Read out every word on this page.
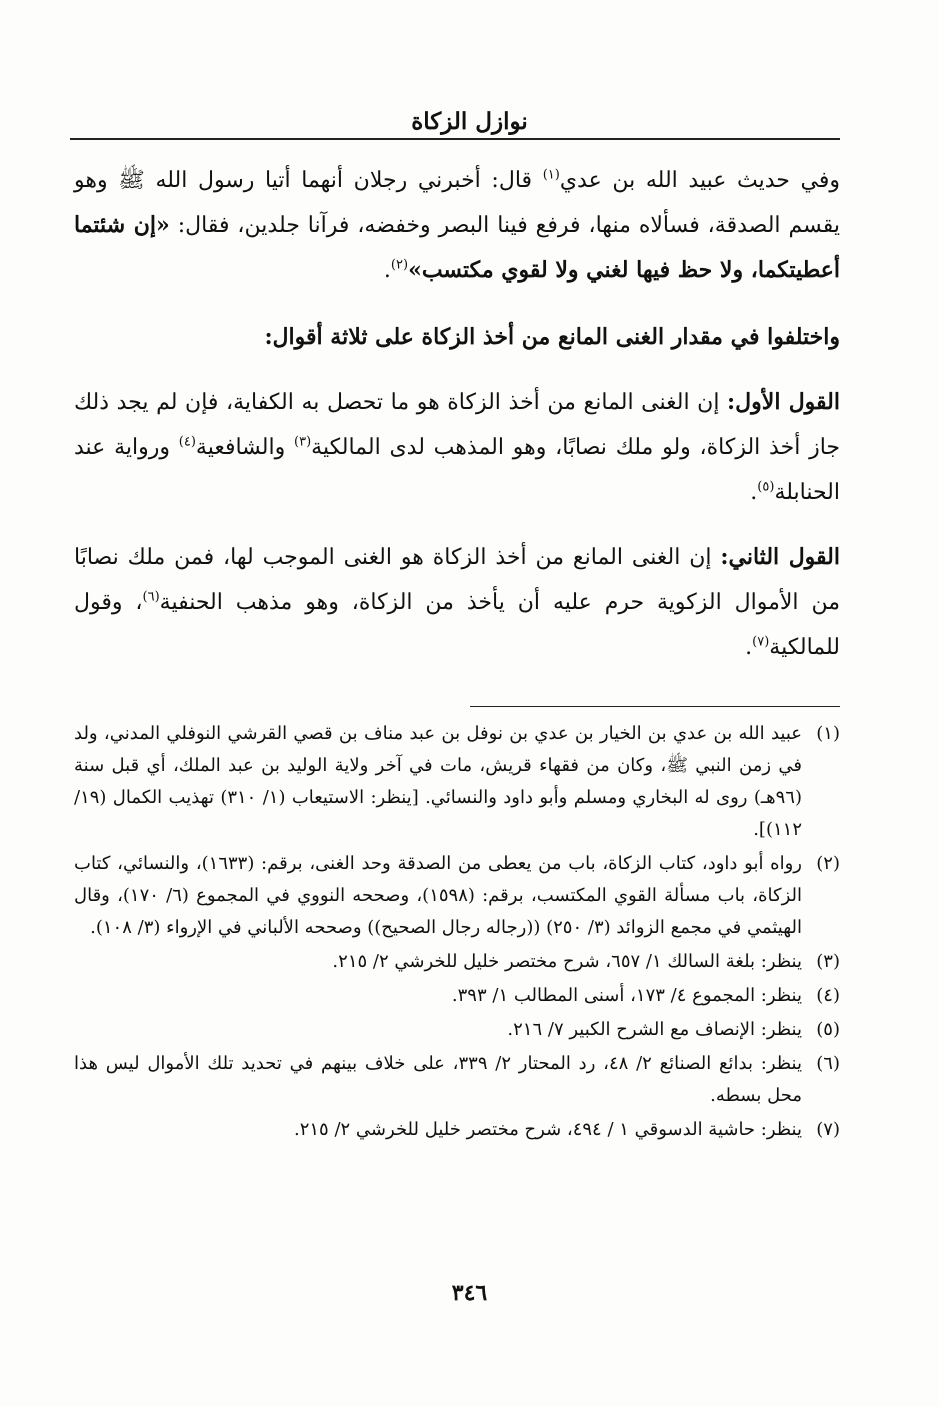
نوازل الزكاة

وفي حديث عبيد الله بن عدي$^{(١)}$ قال: أخبرني رجلان أنهما أتيا رسول الله ﷺ وهو يقسم الصدقة، فسألاه منها، فرفع فينا البصر وخفضه، فرآنا جلدين، فقال: «إن شئتما أعطيتكما، ولا حظ فيها لغني ولا لقوي مكتسب»$^{(٢)}$.

واختلفوا في مقدار الغنى المانع من أخذ الزكاة على ثلاثة أقوال:

القول الأول: إن الغنى المانع من أخذ الزكاة هو ما تحصل به الكفاية، فإن لم يجد ذلك جاز أخذ الزكاة، ولو ملك نصابًا، وهو المذهب لدى المالكية$^{(٣)}$ والشافعية$^{(٤)}$ ورواية عند الحنابلة$^{(٥)}$.

القول الثاني: إن الغنى المانع من أخذ الزكاة هو الغنى الموجب لها، فمن ملك نصابًا من الأموال الزكوية حرم عليه أن يأخذ من الزكاة، وهو مذهب الحنفية$^{(٦)}$، وقول للمالكية$^{(٧)}$.

(١)
عبيد الله بن عدي بن الخيار بن عدي بن نوفل بن عبد مناف بن قصي القرشي النوفلي المدني، ولد في زمن النبي ﷺ، وكان من فقهاء قريش، مات في آخر ولاية الوليد بن عبد الملك، أي قبل سنة (٩٦هـ) روى له البخاري ومسلم وأبو داود والنسائي. [ينظر: الاستيعاب (١/ ٣١٠) تهذيب الكمال (١٩/ ١١٢)].
(٢)
رواه أبو داود، كتاب الزكاة، باب من يعطى من الصدقة وحد الغنى، برقم: (١٦٣٣)، والنسائي، كتاب الزكاة، باب مسألة القوي المكتسب، برقم: (١٥٩٨)، وصححه النووي في المجموع (٦/ ١٧٠)، وقال الهيثمي في مجمع الزوائد (٣/ ٢٥٠) ((رجاله رجال الصحيح)) وصححه الألباني في الإرواء (٣/ ١٠٨).
(٣)
ينظر: بلغة السالك ١/ ٦٥٧، شرح مختصر خليل للخرشي ٢/ ٢١٥.
(٤)
ينظر: المجموع ٤/ ١٧٣، أسنى المطالب ١/ ٣٩٣.
(٥)
ينظر: الإنصاف مع الشرح الكبير ٧/ ٢١٦.
(٦)
ينظر: بدائع الصنائع ٢/ ٤٨، رد المحتار ٢/ ٣٣٩، على خلاف بينهم في تحديد تلك الأموال ليس هذا محل بسطه.
(٧)
ينظر: حاشية الدسوقي ١ / ٤٩٤، شرح مختصر خليل للخرشي ٢/ ٢١٥.
٣٤٦
